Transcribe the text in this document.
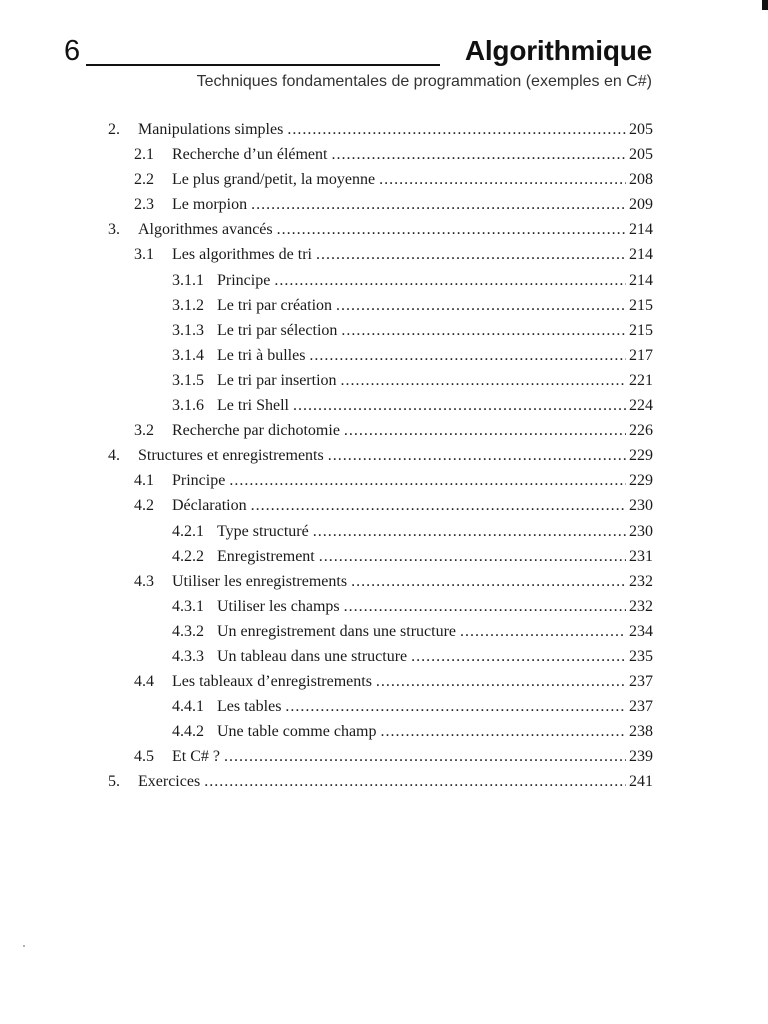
6	Algorithmique
Techniques fondamentales de programmation (exemples en C#)
2.	Manipulations simples . . .	205
2.1	Recherche d’un élément . . .	205
2.2	Le plus grand/petit, la moyenne . . .	208
2.3	Le morpion . . .	209
3.	Algorithmes avancés . . .	214
3.1	Les algorithmes de tri . . .	214
3.1.1 Principe . . .	214
3.1.2 Le tri par création . . .	215
3.1.3 Le tri par sélection . . .	215
3.1.4 Le tri à bulles . . .	217
3.1.5 Le tri par insertion . . .	221
3.1.6 Le tri Shell . . .	224
3.2	Recherche par dichotomie . . .	226
4.	Structures et enregistrements . . .	229
4.1	Principe . . .	229
4.2	Déclaration . . .	230
4.2.1 Type structuré . . .	230
4.2.2 Enregistrement . . .	231
4.3	Utiliser les enregistrements . . .	232
4.3.1 Utiliser les champs . . .	232
4.3.2 Un enregistrement dans une structure . . .	234
4.3.3 Un tableau dans une structure . . .	235
4.4	Les tableaux d’enregistrements . . .	237
4.4.1 Les tables . . .	237
4.4.2 Une table comme champ . . .	238
4.5	Et C# ? . . .	239
5.	Exercices . . .	241
